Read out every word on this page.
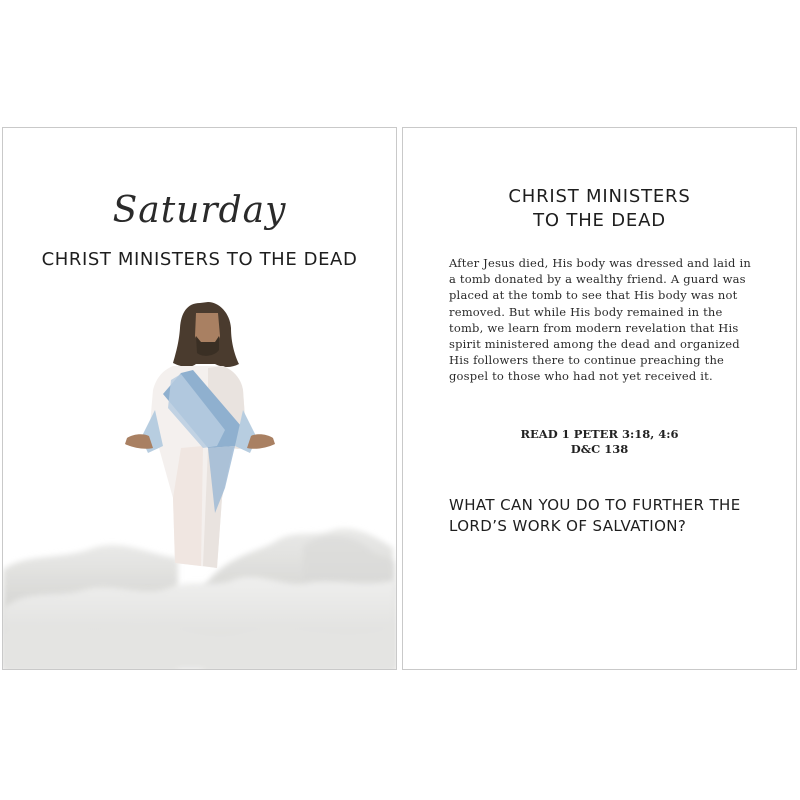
Saturday
CHRIST MINISTERS TO THE DEAD
CHRIST MINISTERS
TO THE DEAD
After Jesus died, His body was dressed and laid in a tomb donated by a wealthy friend. A guard was placed at the tomb to see that His body was not removed. But while His body remained in the tomb, we learn from modern revelation that His spirit ministered among the dead and organized His followers there to continue preaching the gospel to those who had not yet received it.
READ 1 PETER 3:18, 4:6
D&C 138
WHAT CAN YOU DO TO FURTHER THE LORD’S WORK OF SALVATION?
